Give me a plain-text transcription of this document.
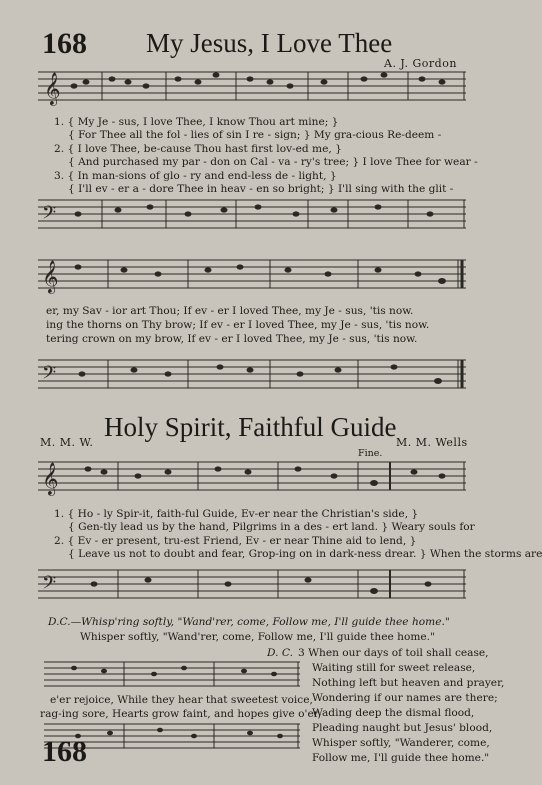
168 My Jesus, I Love Thee
A. J. Gordon
𝄞
1. { My Je - sus, I love Thee, I know Thou art mine; }
{ For Thee all the fol - lies of sin I re - sign; } My gra-cious Re-deem -
2. { I love Thee, be-cause Thou hast first lov-ed me, }
{ And purchased my par - don on Cal - va - ry's tree; } I love Thee for wear -
3. { In man-sions of glo - ry and end-less de - light, }
{ I'll ev - er a - dore Thee in heav - en so bright; } I'll sing with the glit -
𝄢
𝄞
er, my Sav - ior art Thou; If ev - er I loved Thee, my Je - sus, 'tis now.
ing the thorns on Thy brow; If ev - er I loved Thee, my Je - sus, 'tis now.
tering crown on my brow, If ev - er I loved Thee, my Je - sus, 'tis now.
𝄢
Holy Spirit, Faithful Guide
M. M. W.	M. M. Wells
Fine.
𝄞
1. { Ho - ly Spir-it, faith-ful Guide, Ev-er near the Christian's side, }
{ Gen-tly lead us by the hand, Pilgrims in a des - ert land. } Weary souls for
2. { Ev - er present, tru-est Friend, Ev - er near Thine aid to lend, }
{ Leave us not to doubt and fear, Grop-ing on in dark-ness drear. } When the storms are
𝄢
D.C.—Whisp'ring softly, "Wand'rer, come, Follow me, I'll guide thee home."
Whisper softly, "Wand'rer, come, Follow me, I'll guide thee home."
D. C.
e'er rejoice, While they hear that sweetest voice,
rag-ing sore, Hearts grow faint, and hopes give o'er,
168
3 When our days of toil shall cease,
Waiting still for sweet release,
Nothing left but heaven and prayer,
Wondering if our names are there;
Wading deep the dismal flood,
Pleading naught but Jesus' blood,
Whisper softly, "Wanderer, come,
Follow me, I'll guide thee home."
